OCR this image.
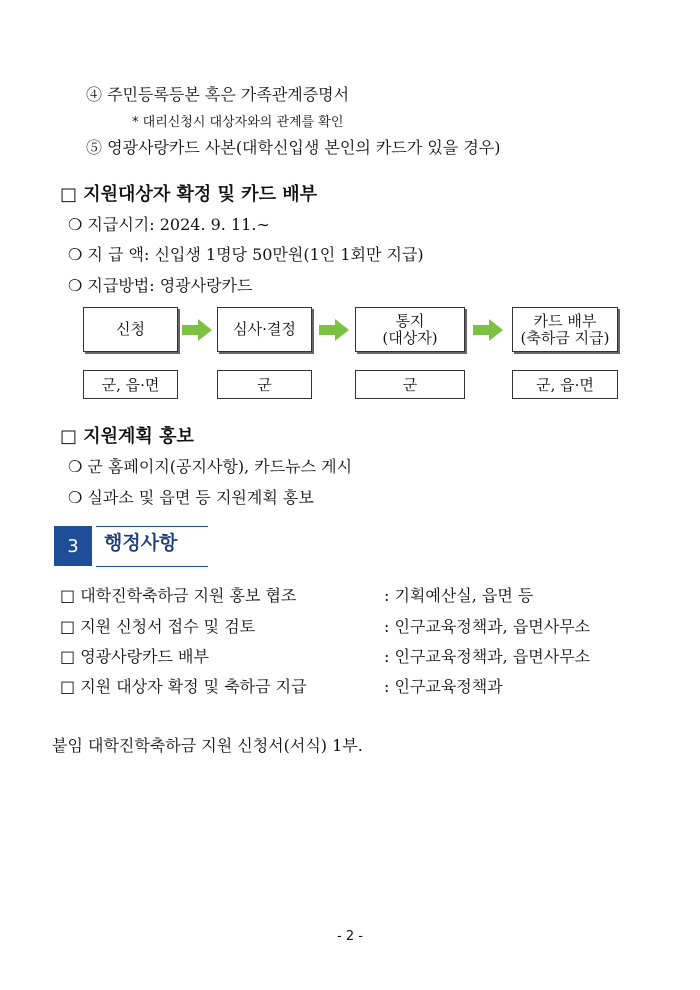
④ 주민등록등본 혹은 가족관계증명서
* 대리신청시 대상자와의 관계를 확인
⑤ 영광사랑카드 사본(대학신입생 본인의 카드가 있을 경우)
□ 지원대상자 확정 및 카드 배부
❍ 지급시기: 2024. 9. 11.∼
❍ 지 급 액: 신입생 1명당 50만원(1인 1회만 지급)
❍ 지급방법: 영광사랑카드
신청	심사·결정	통지
(대상자)
카드 배부
(축하금 지급)
군, 읍·면	군	군	군, 읍·면
□ 지원계획 홍보
❍ 군 홈페이지(공지사항), 카드뉴스 게시
❍ 실과소 및 읍면 등 지원계획 홍보
3	행정사항
□ 대학진학축하금 지원 홍보 협조	: 기획예산실, 읍면 등
□ 지원 신청서 접수 및 검토	: 인구교육정책과, 읍면사무소
□ 영광사랑카드 배부	: 인구교육정책과, 읍면사무소
□ 지원 대상자 확정 및 축하금 지급	: 인구교육정책과
붙임 대학진학축하금 지원 신청서(서식) 1부.
- 2 -
